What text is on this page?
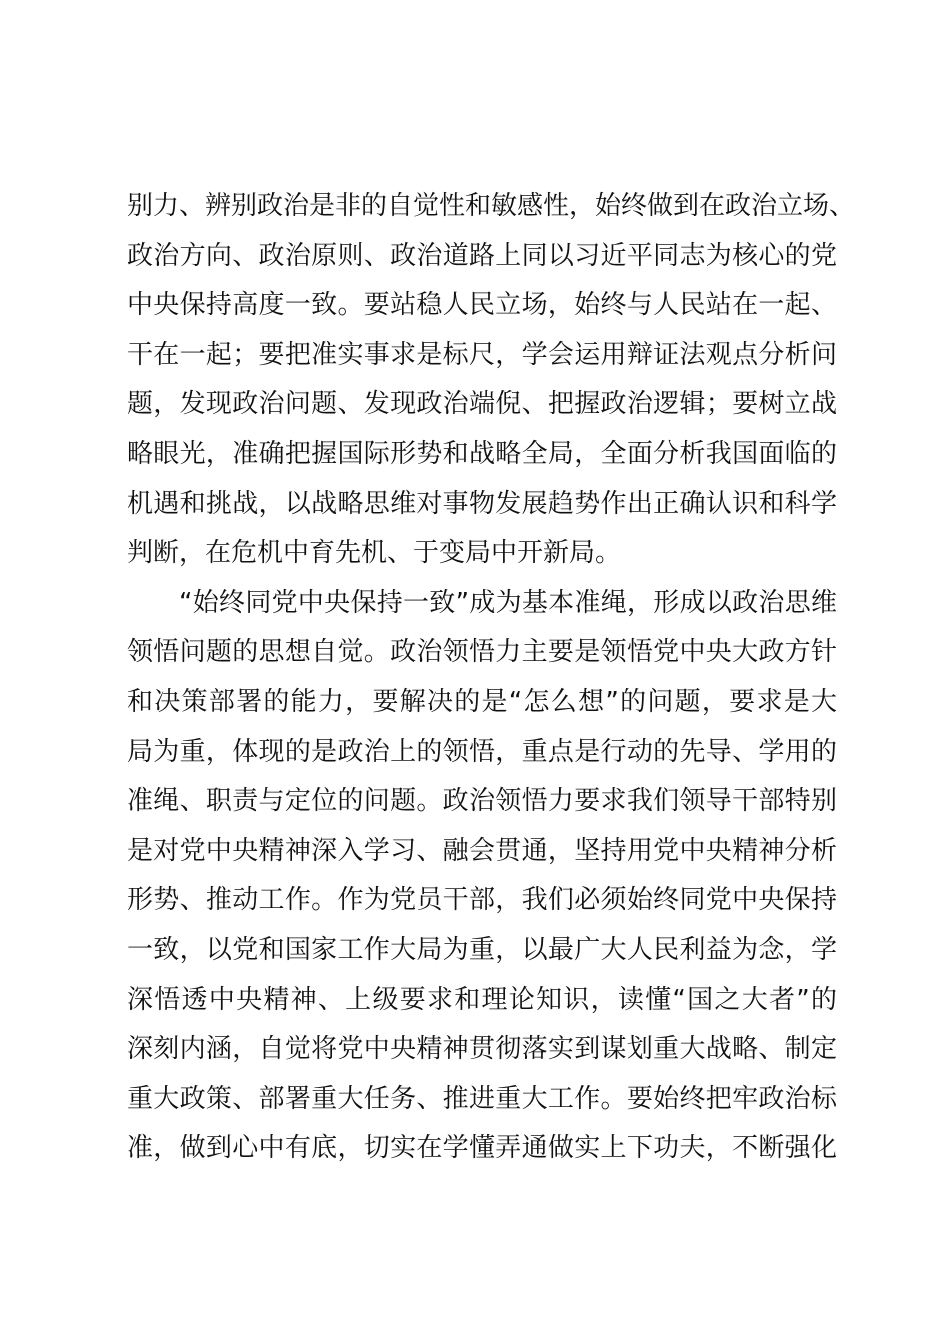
别力、辨别政治是非的自觉性和敏感性，始终做到在政治立场、
政治方向、政治原则、政治道路上同以习近平同志为核心的党
中央保持高度一致。要站稳人民立场，始终与人民站在一起、
干在一起；要把准实事求是标尺，学会运用辩证法观点分析问
题，发现政治问题、发现政治端倪、把握政治逻辑；要树立战
略眼光，准确把握国际形势和战略全局，全面分析我国面临的
机遇和挑战，以战略思维对事物发展趋势作出正确认识和科学
判断，在危机中育先机、于变局中开新局。
“始终同党中央保持一致”成为基本准绳，形成以政治思维
领悟问题的思想自觉。政治领悟力主要是领悟党中央大政方针
和决策部署的能力，要解决的是“怎么想”的问题，要求是大
局为重，体现的是政治上的领悟，重点是行动的先导、学用的
准绳、职责与定位的问题。政治领悟力要求我们领导干部特别
是对党中央精神深入学习、融会贯通，坚持用党中央精神分析
形势、推动工作。作为党员干部，我们必须始终同党中央保持
一致，以党和国家工作大局为重，以最广大人民利益为念，学
深悟透中央精神、上级要求和理论知识，读懂“国之大者”的
深刻内涵，自觉将党中央精神贯彻落实到谋划重大战略、制定
重大政策、部署重大任务、推进重大工作。要始终把牢政治标
准，做到心中有底，切实在学懂弄通做实上下功夫，不断强化
